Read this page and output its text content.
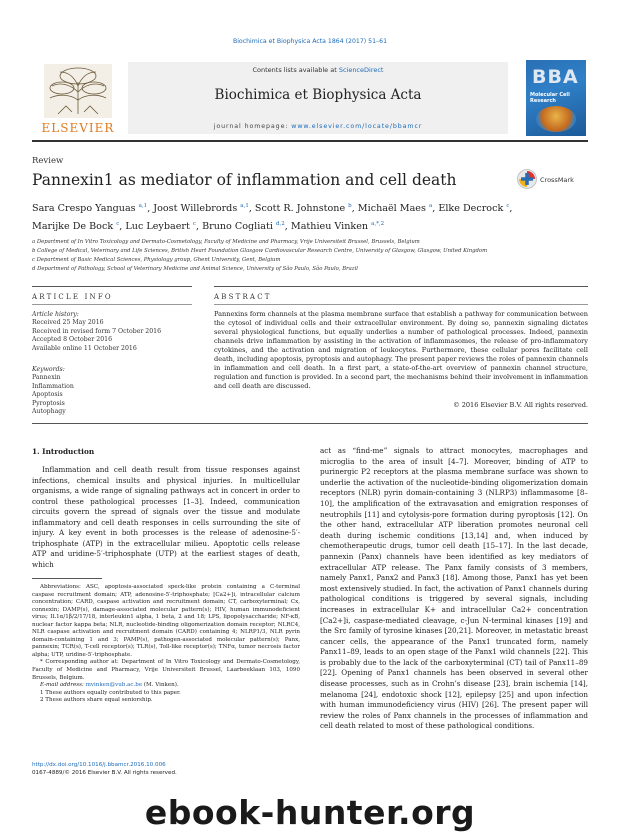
Biochimica et Biophysica Acta 1864 (2017) 51–61
Contents lists available at ScienceDirect
Biochimica et Biophysica Acta
journal homepage: www.elsevier.com/locate/bbamcr
ELSEVIER
BBA
Molecular Cell Research
Review
Pannexin1 as mediator of inflammation and cell death	CrossMark
Sara Crespo Yanguas $^{a,1}$, Joost Willebrords $^{a,1}$, Scott R. Johnstone $^b$, Michaël Maes $^a$, Elke Decrock $^c$,
Marijke De Bock $^c$, Luc Leybaert $^c$, Bruno Cogliati $^{d,2}$, Mathieu Vinken $^{a,*,2}$
a Department of In Vitro Toxicology and Dermato-Cosmetology, Faculty of Medicine and Pharmacy, Vrije Universiteit Brussel, Brussels, Belgium
b College of Medical, Veterinary and Life Sciences, British Heart Foundation Glasgow Cardiovascular Research Centre, University of Glasgow, Glasgow, United Kingdom
c Department of Basic Medical Sciences, Physiology group, Ghent University, Gent, Belgium
d Department of Pathology, School of Veterinary Medicine and Animal Science, University of São Paulo, São Paulo, Brazil
ARTICLE INFO	ABSTRACT
Article history:
Received 25 May 2016
Received in revised form 7 October 2016
Accepted 8 October 2016
Available online 11 October 2016
Keywords:
Pannexin
Inflammation
Apoptosis
Pyroptosis
Autophagy
Pannexins form channels at the plasma membrane surface that establish a pathway for communication between the cytosol of individual cells and their extracellular environment. By doing so, pannexin signaling dictates several physiological functions, but equally underlies a number of pathological processes. Indeed, pannexin channels drive inflammation by assisting in the activation of inflammasomes, the release of pro-inflammatory cytokines, and the activation and migration of leukocytes. Furthermore, these cellular pores facilitate cell death, including apoptosis, pyroptosis and autophagy. The present paper reviews the roles of pannexin channels in inflammation and cell death. In a first part, a state-of-the-art overview of pannexin channel structure, regulation and function is provided. In a second part, the mechanisms behind their involvement in inflammation and cell death are discussed.
© 2016 Elsevier B.V. All rights reserved.
1. Introduction
Inflammation and cell death result from tissue responses against infections, chemical insults and physical injuries. In multicellular organisms, a wide range of signaling pathways act in concert in order to control these pathological processes [1–3]. Indeed, communication circuits govern the spread of signals over the tissue and modulate inflammatory and cell death responses in cells surrounding the site of injury. A key event in both processes is the release of adenosine-5′-triphosphate (ATP) in the extracellular milieu. Apoptotic cells release ATP and uridine-5′-triphosphate (UTP) at the earliest stages of death, which
act as “find-me” signals to attract monocytes, macrophages and microglia to the area of insult [4–7]. Moreover, binding of ATP to purinergic P2 receptors at the plasma membrane surface was shown to underlie the activation of the nucleotide-binding oligomerization domain receptors (NLR) pyrin domain-containing 3 (NLRP3) inflammasome [8–10], the amplification of the extravasation and emigration responses of neutrophils [11] and cytolysis-pore formation during pyroptosis [12]. On the other hand, extracellular ATP liberation promotes neuronal cell death during ischemic conditions [13,14] and, when induced by chemotherapeutic drugs, tumor cell death [15–17]. In the last decade, pannexin (Panx) channels have been identified as key mediators of extracellular ATP release. The Panx family consists of 3 members, namely Panx1, Panx2 and Panx3 [18]. Among those, Panx1 has yet been most extensively studied. In fact, the activation of Panx1 channels during pathological conditions is triggered by several signals, including increases in extracellular K+ and intracellular Ca2+ concentration [Ca2+]i, caspase-mediated cleavage, c-Jun N-terminal kinases [19] and the Src family of tyrosine kinases [20,21]. Moreover, in metastatic breast cancer cells, the appearance of the Panx1 truncated form, namely Panx11–89, leads to an open stage of the Panx1 wild channels [22]. This is probably due to the lack of the carboxyterminal (CT) tail of Panx11–89 [22]. Opening of Panx1 channels has been observed in several other disease processes, such as in Crohn’s disease [23], brain ischemia [14], melanoma [24], endotoxic shock [12], epilepsy [25] and upon infection with human immunodeficiency virus (HIV) [26]. The present paper will review the roles of Panx channels in the processes of inflammation and cell death related to most of these pathological conditions.
Abbreviations: ASC, apoptosis-associated speck-like protein containing a C-terminal caspase recruitment domain; ATP, adenosine-5′-triphosphate; [Ca2+]i, intracellular calcium concentration; CARD, caspase activation and recruitment domain; CT, carboxyterminal; Cx, connexin; DAMP(s), damage-associated molecular pattern(s); HIV, human immunodeficient virus; IL1α/1β/2/17/18, interleukin1 alpha, 1 beta, 2 and 18; LPS, lipopolysaccharide; NF-κB, nuclear factor kappa beta; NLR, nucleotide-binding oligomerization domain receptor; NLRC4, NLR caspase activation and recruitment domain (CARD) containing 4; NLRP1/3, NLR pyrin domain-containing 1 and 3; PAMP(s), pathogen-associated molecular pattern(s); Panx, pannexin; TCR(s), T-cell receptor(s); TLR(s), Toll-like receptor(s); TNFα, tumor necrosis factor alpha; UTP, uridine-5′-triphosphate.
* Corresponding author at: Department of In Vitro Toxicology and Dermato-Cosmetology, Faculty of Medicine and Pharmacy, Vrije Universiteit Brussel, Laarbeeklaan 103, 1090 Brussels, Belgium.
E-mail address: mvinken@vub.ac.be (M. Vinken).
1 These authors equally contributed to this paper.
2 These authors share equal seniorship.
http://dx.doi.org/10.1016/j.bbamcr.2016.10.006
0167-4889/© 2016 Elsevier B.V. All rights reserved.
ebook-hunter.org
